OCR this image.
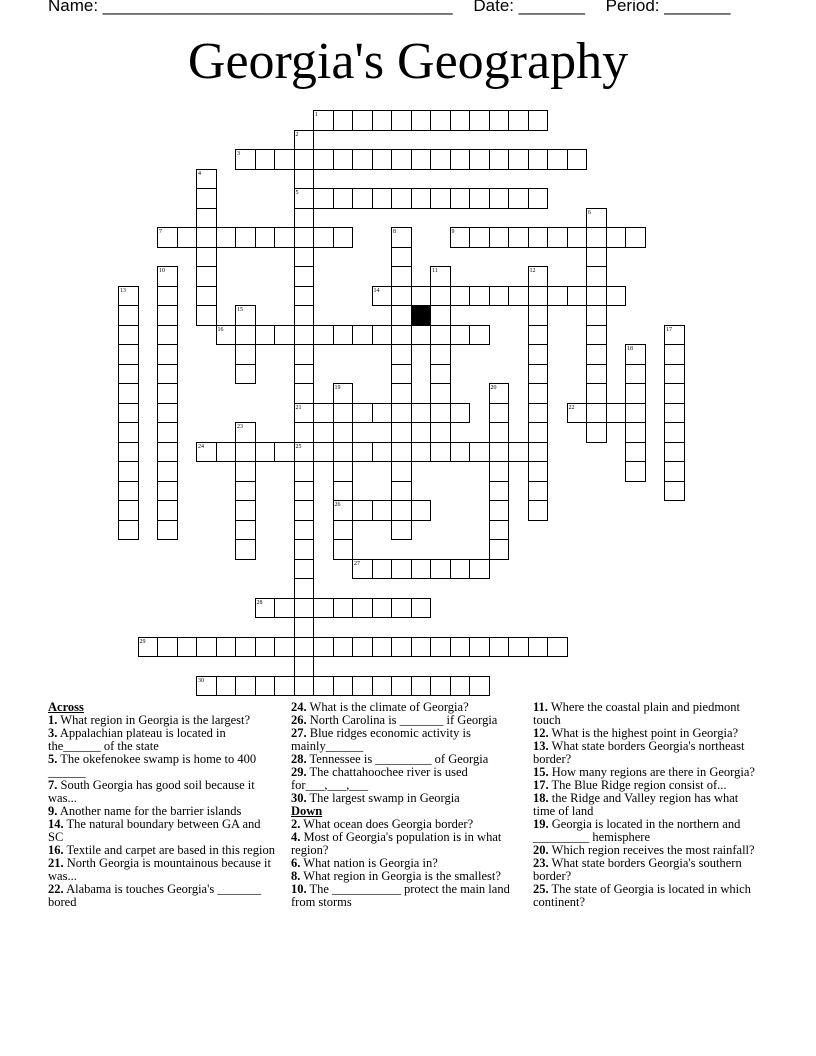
Name: _____________________________________ Date: _______ Period: _______
Georgia's Geography
1
2
5
21
25
3
4
6
7	8	9
10	11	12
13	14
15
16	17
18
19
26
20
22
23
24
27
28
29
30

Across

1. What region in Georgia is the largest?

3. Appalachian plateau is located in the______ of the state

5. The okefenokee swamp is home to 400 ______

7. South Georgia has good soil because it was...

9. Another name for the barrier islands

14. The natural boundary between GA and SC

16. Textile and carpet are based in this region

21. North Georgia is mountainous because it was...

22. Alabama is touches Georgia's _______ bored

24. What is the climate of Georgia?

26. North Carolina is _______ if Georgia

27. Blue ridges economic activity is mainly______

28. Tennessee is _________ of Georgia

29. The chattahoochee river is used for___,___,___

30. The largest swamp in Georgia

Down

2. What ocean does Georgia border?

4. Most of Georgia's population is in what region?

6. What nation is Georgia in?

8. What region in Georgia is the smallest?

10. The ___________ protect the main land from storms

11. Where the coastal plain and piedmont touch

12. What is the highest point in Georgia?

13. What state borders Georgia's northeast border?

15. How many regions are there in Georgia?

17. The Blue Ridge region consist of...

18. the Ridge and Valley region has what time of land

19. Georgia is located in the northern and _________ hemisphere

20. Which region receives the most rainfall?

23. What state borders Georgia's southern border?

25. The state of Georgia is located in which continent?
